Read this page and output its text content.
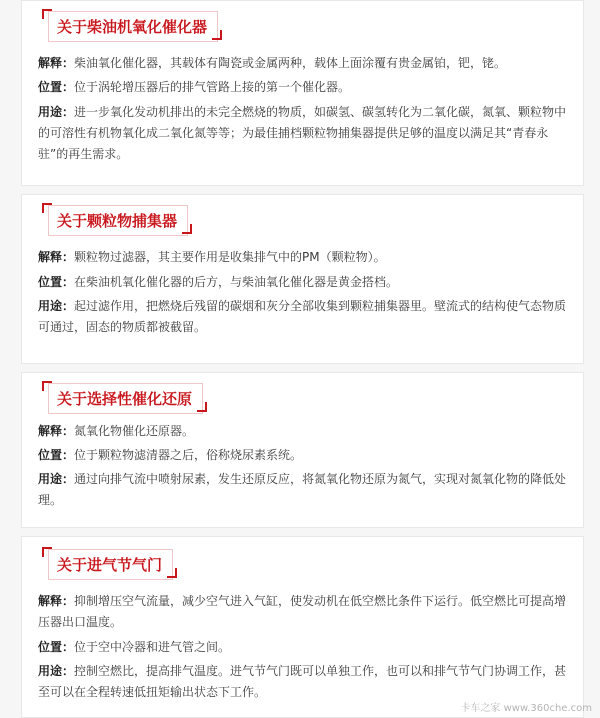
关于柴油机氧化催化器
解释：柴油氧化催化器，其载体有陶瓷或金属两种，载体上面涂覆有贵金属铂，钯，铑。
位置：位于涡轮增压器后的排气管路上接的第一个催化器。
用途：进一步氧化发动机排出的未完全燃烧的物质，如碳氢、碳氢转化为二氧化碳，氮氧、颗粒物中的可溶性有机物氧化成二氧化氮等等；为最佳捕档颗粒物捕集器提供足够的温度以满足其“青春永驻”的再生需求。
关于颗粒物捕集器
解释：颗粒物过滤器，其主要作用是收集排气中的PM（颗粒物）。
位置：在柴油机氧化催化器的后方，与柴油氧化催化器是黄金搭档。
用途：起过滤作用，把燃烧后残留的碳烟和灰分全部收集到颗粒捕集器里。壁流式的结构使气态物质可通过，固态的物质都被截留。
关于选择性催化还原
解释：氮氧化物催化还原器。
位置：位于颗粒物滤清器之后，俗称烧尿素系统。
用途：通过向排气流中喷射尿素，发生还原反应，将氮氧化物还原为氮气，实现对氮氧化物的降低处理。
关于进气节气门
解释：抑制增压空气流量，减少空气进入气缸，使发动机在低空燃比条件下运行。低空燃比可提高增压器出口温度。
位置：位于空中冷器和进气管之间。
用途：控制空燃比，提高排气温度。进气节气门既可以单独工作，也可以和排气节气门协调工作，甚至可以在全程转速低扭矩输出状态下工作。
卡车之家 www.360che.com
